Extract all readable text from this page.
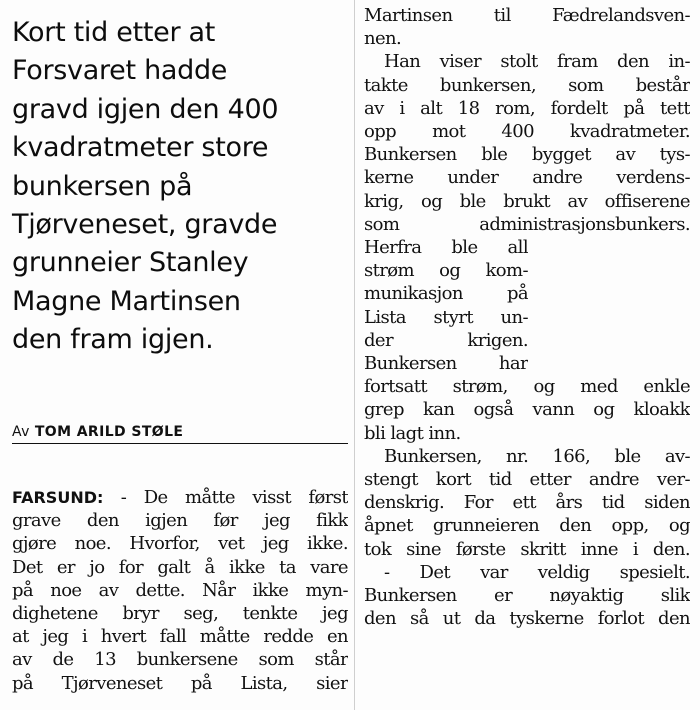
Kort tid etter at

Forsvaret hadde

gravd igjen den 400

kvadratmeter store

bunkersen på

Tjørveneset, gravde

grunneier Stanley

Magne Martinsen

den fram igjen.

Av TOM ARILD STØLE

FARSUND: - De måtte visst først

grave den igjen før jeg fikk
gjøre noe. Hvorfor, vet jeg ikke.
Det er jo for galt å ikke ta vare
på noe av dette. Når ikke myn-
dighetene bryr seg, tenkte jeg
at jeg i hvert fall måtte redde en
av de 13 bunkersene som står
på Tjørveneset på Lista, sier
Martinsen til Fædrelandsven-
nen.
Han viser stolt fram den in-
takte bunkersen, som består
av i alt 18 rom, fordelt på tett
opp mot 400 kvadratmeter.
Bunkersen ble bygget av tys-
kerne under andre verdens-
krig, og ble brukt av offiserene
som administrasjonsbunkers.
Herfra ble all
strøm og kom-
munikasjon på
Lista styrt un-
der krigen.
Bunkersen har
fortsatt strøm, og med enkle
grep kan også vann og kloakk
bli lagt inn.
Bunkersen, nr. 166, ble av-
stengt kort tid etter andre ver-
denskrig. For ett års tid siden
åpnet grunneieren den opp, og
tok sine første skritt inne i den.
- Det var veldig spesielt.
Bunkersen er nøyaktig slik
den så ut da tyskerne forlot den
